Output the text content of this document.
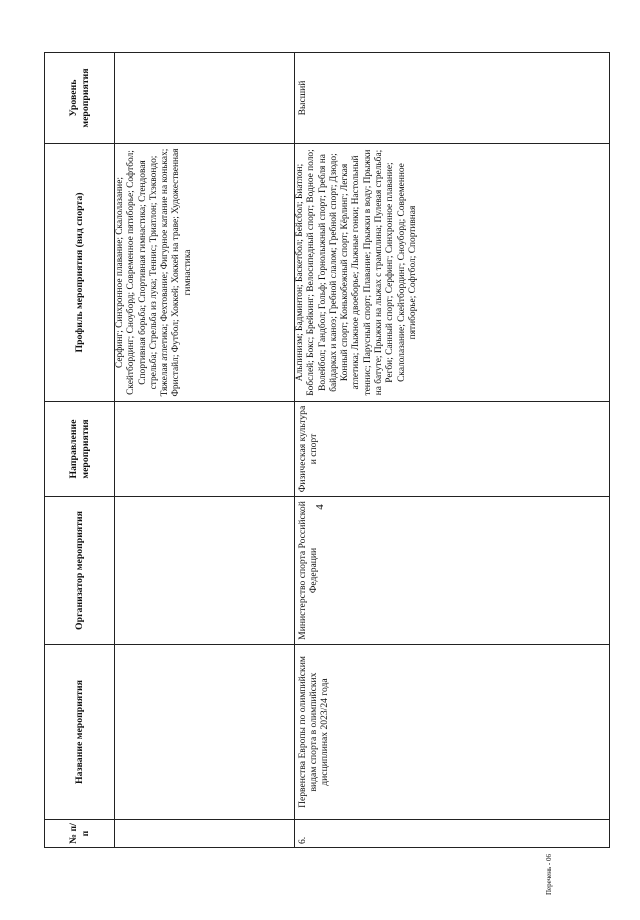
4
№ п/п	Название мероприятия	Организатор мероприятия	Направление мероприятия	Профиль мероприятия (вид спорта)	Уровень мероприятия
				Серфинг; Синхронное плавание; Скалолазание; Скейтбординг; Сноуборд; Современное пятиборье; Софтбол; Спортивная борьба; Спортивная гимнастика; Стендовая стрельба; Стрельба из лука; Теннис; Триатлон; Тхэквондо; Тяжелая атлетика; Фехтование; Фигурное катание на коньках; Фристайл; Футбол; Хоккей; Хоккей на траве; Художественная гимнастика	
6.	Первенства Европы по олимпийским видам спорта в олимпийских дисциплинах 2023/24 года	Министерство спорта Российской Федерации	Физическая культура и спорт	Альпинизм; Бадминтон; Баскетбол; Бейсбол; Биатлон; Бобслей; Бокс; Брейкинг; Велосипедный спорт; Водное поло; Волейбол; Гандбол; Гольф; Горнолыжный спорт; Гребля на байдарках и каноэ; Гребной слалом; Гребной спорт; Дзюдо; Конный спорт; Конькобежный спорт; Кёрлинг; Легкая атлетика; Лыжное двоеборье; Лыжные гонки; Настольный теннис; Парусный спорт; Плавание; Прыжки в воду; Прыжки на батуте; Прыжки на лыжах с трамплина; Пулевая стрельба; Регби; Санный спорт; Серфинг; Синхронное плавание; Скалолазание; Скейтбординг; Сноуборд; Современное пятиборье; Софтбол; Спортивная	Высший
Перечень - 06
